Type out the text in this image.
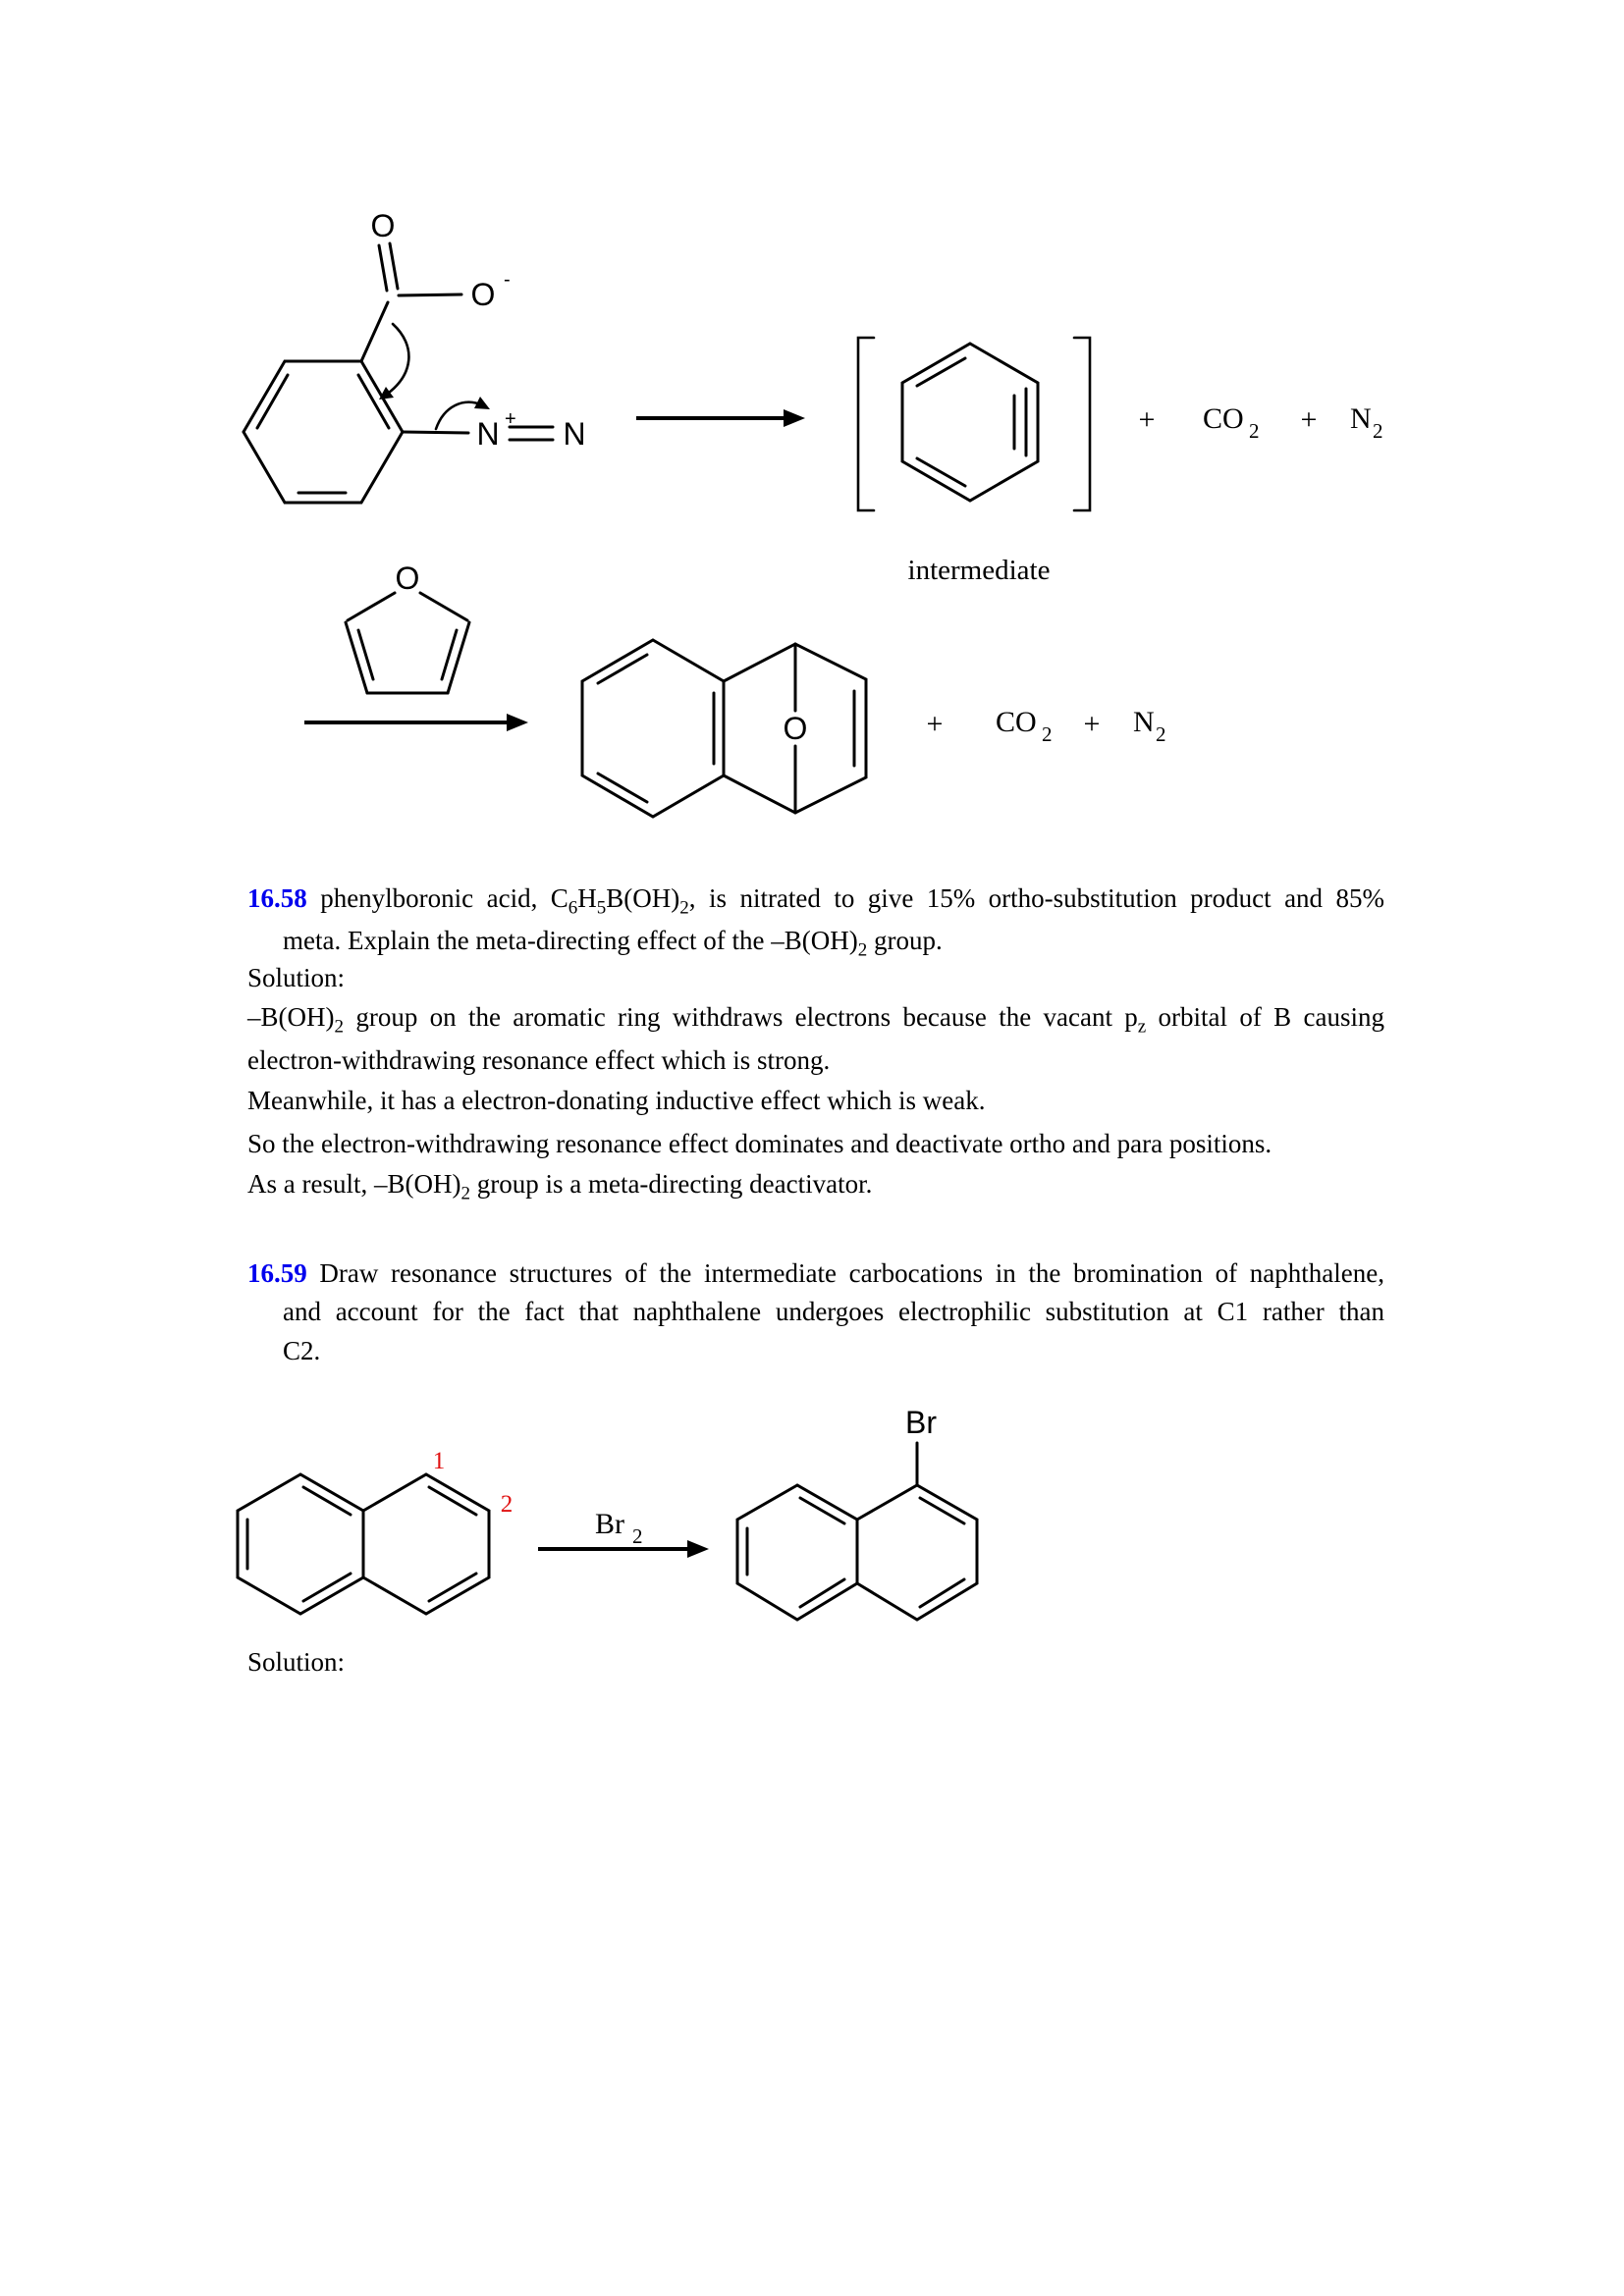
O
O -
N + N
intermediate
+ CO 2 + N 2
O
O	+ CO 2 + N 2
1
2
Br 2
Br
16.58 phenylboronic acid, $C_6H_5B(OH)_2$, is nitrated to give 15% ortho-substitution product and 85%
meta. Explain the meta-directing effect of the $-B(OH)_2$ group.
Solution:
$-B(OH)_2$ group on the aromatic ring withdraws electrons because the vacant $p_z$ orbital of B causing
electron-withdrawing resonance effect which is strong.
Meanwhile, it has a electron-donating inductive effect which is weak.
So the electron-withdrawing resonance effect dominates and deactivate ortho and para positions.
As a result, $-B(OH)_2$ group is a meta-directing deactivator.
16.59 Draw resonance structures of the intermediate carbocations in the bromination of naphthalene,
and account for the fact that naphthalene undergoes electrophilic substitution at C1 rather than
C2.
Solution:
